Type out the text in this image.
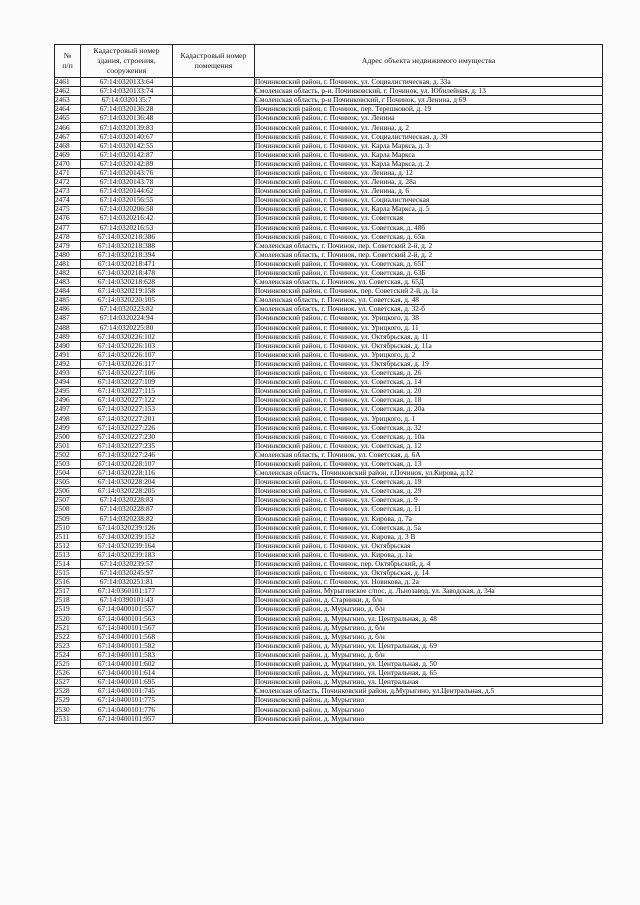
№
п/п	Кадастровый номер здания, строения, сооружения	Кадастровый номер помещения	Адрес объекта недвижимого имущества
2461	67:14:0320133:64		Починковский район, г. Починок, ул. Социалистическая, д. 33а
2462	67:14:0320133:74		Смоленская область, р-н. Починковский, г. Починок, ул. Юбилейная, д. 13
2463	67:14:0320135:7		Смоленская область, р-н Починковский, г Починок, ул Ленина, д 69
2464	67:14:0320136:28		Починковский район, г. Починок, пер. Терешковой, д. 19
2465	67:14:0320136:48		Починковский район, г. Починок, ул. Ленина
2466	67:14:0320139:83		Починковский район, г. Починок, ул. Ленина, д. 2
2467	67:14:0320140:67		Починковский район, г. Починок, ул. Социалистическая, д. 39
2468	67:14:0320142:55		Починковский район, г. Починок, ул. Карла Маркса, д. 3
2469	67:14:0320142:87		Починковский район, г. Починок, ул. Карла Маркса
2470	67:14:0320142:89		Починковский район, г. Починок, ул. Карла Маркса, д. 2
2471	67:14:0320143:76		Починковский район, г. Починок, ул. Ленина, д. 12
2472	67:14:0320143:78		Починковский район, г. Починок, ул. Ленина, д. 28а
2473	67:14:0320144:62		Починковский район, г. Починок, ул. Ленина, д. 6
2474	67:14:0320156:55		Починковский район, г. Починок, ул. Социалистическая
2475	67:14:0320206:58		Починковский район, г. Починок, ул. Карла Маркса, д. 5
2476	67:14:0320216:42		Починковский район, г. Починок, ул. Советская
2477	67:14:0320216:53		Починковский район, г. Починок, ул. Советская, д. 48б
2478	67:14:0320218:386		Починковский район, г. Починок, ул. Советская, д. 65в
2479	67:14:0320218:388		Смоленская область, г. Починок, пер. Советский 2-й, д. 2
2480	67:14:0320218:394		Смоленская область, г. Починок, пер. Советский 2-й, д. 2
2481	67:14:0320218:471		Починковский район, г. Починок, ул. Советская, д. 65Г
2482	67:14:0320218:478		Починковский район, г. Починок, ул. Советская, д. 63Б
2483	67:14:0320218:628		Смоленская область, г. Починок, ул. Советская, д. 65Д
2484	67:14:0320219:158		Починковский район, г. Починок, пер. Советский 2-й, д. 1а
2485	67:14:0320220:105		Смоленская область, г. Починок, ул. Советская, д. 48
2486	67:14:0320223:82		Смоленская область, г. Починок, ул. Советская, д. 32-б
2487	67:14:0320224:94		Починковский район, г. Починок, ул. Урицкого, д. 38
2488	67:14:0320225:80		Починковский район, г. Починок, ул. Урицкого, д. 11
2489	67:14:0320226:102		Починковский район, г. Починок, ул. Октябрьская, д. 11
2490	67:14:0320226:103		Починковский район, г. Починок, ул. Октябрьская, д. 11а
2491	67:14:0320226:107		Починковский район, г. Починок, ул. Урицкого, д. 2
2492	67:14:0320226:117		Починковский район, г. Починок, ул. Октябрьская, д. 19
2493	67:14:0320227:106		Починковский район, г. Починок, ул. Советская, д. 26
2494	67:14:0320227:109		Починковский район, г. Починок, ул. Советская, д. 14
2495	67:14:0320227:115		Починковский район, г. Починок, ул. Советская, д. 20
2496	67:14:0320227:122		Починковский район, г. Починок, ул. Советская, д. 18
2497	67:14:0320227:153		Починковский район, г. Починок, ул. Советская, д. 20а
2498	67:14:0320227:201		Починковский район, г. Починок, ул. Урицкого, д. 1
2499	67:14:0320227:226		Починковский район, г. Починок, ул. Советская, д. 32
2500	67:14:0320227:230		Починковский район, г. Починок, ул. Советская, д. 10а
2501	67:14:0320227:235		Починковский район, г. Починок, ул. Советская, д. 12
2502	67:14:0320227:246		Смоленская область, г. Починок, ул. Советская, д. 6А
2503	67:14:0320228:107		Починковский район, г. Починок, ул. Советская, д. 13
2504	67:14:0320228:116		Смоленская область, Починковский район, г.Починок, ул.Кирова, д.12
2505	67:14:0320228:204		Починковский район, г. Починок, ул. Советская, д. 19
2506	67:14:0320228:205		Починковский район, г. Починок, ул. Советская, д. 29
2507	67:14:0320228:83		Починковский район, г. Починок, ул. Советская, д. 9
2508	67:14:0320228:87		Починковский район, г. Починок, ул. Советская, д. 11
2509	67:14:0320238:82		Починковский район, г. Починок, ул. Кирова, д. 7а
2510	67:14:0320239:126		Починковский район, г. Починок, ул. Советская, д. 5а
2511	67:14:0320239:152		Починковский район, г. Починок, ул. Кирова, д. 3 В
2512	67:14:0320239:164		Починковский район, г. Починок, ул. Октябрьская
2513	67:14:0320239:183		Починковский район, г. Починок, ул. Кирова, д. 1а
2514	67:14:0320239:57		Починковский район, г. Починок, пер. Октябрьский, д. 4
2515	67:14:0320245:97		Починковский район, г. Починок, ул. Октябрьская, д. 14
2516	67:14:0320251:81		Починковский район, г. Починок, ул. Новикова, д. 2а
2517	67:14:0360101:177		Починковский район, Мурыгинское с/пос, д. Льнозавод, ул. Заводская, д. 34а
2518	67:14:0390101:43		Починковский район, д. Старинки, д. б/н
2519	67:14:0400101:557		Починковский район, д. Мурыгино, д. б/н
2520	67:14:0400101:563		Починковский район, д. Мурыгино, ул. Центральная, д. 48
2521	67:14:0400101:567		Починковский район, д. Мурыгино, д. б/н
2522	67:14:0400101:568		Починковский район, д. Мурыгино, д. б/н
2523	67:14:0400101:582		Починковский район, д. Мурыгино, ул. Центральная, д. 69
2524	67:14:0400101:583		Починковский район, д. Мурыгино, д. б/н
2525	67:14:0400101:602		Починковский район, д. Мурыгино, ул. Центральная, д. 50
2526	67:14:0400101:614		Починковский район, д. Мурыгино, ул. Центральная, д. 65
2527	67:14:0400101:695		Починковский район, д. Мурыгино, ул. Центральная
2528	67:14:0400101:745		Смоленская область, Починковский район, д.Мурыгино, ул.Центральная, д.5
2529	67:14:0400101:775		Починковский район, д. Мурыгино
2530	67:14:0400101:776		Починковский район, д. Мурыгино
2531	67:14:0400101:957		Починковский район, д. Мурыгино
